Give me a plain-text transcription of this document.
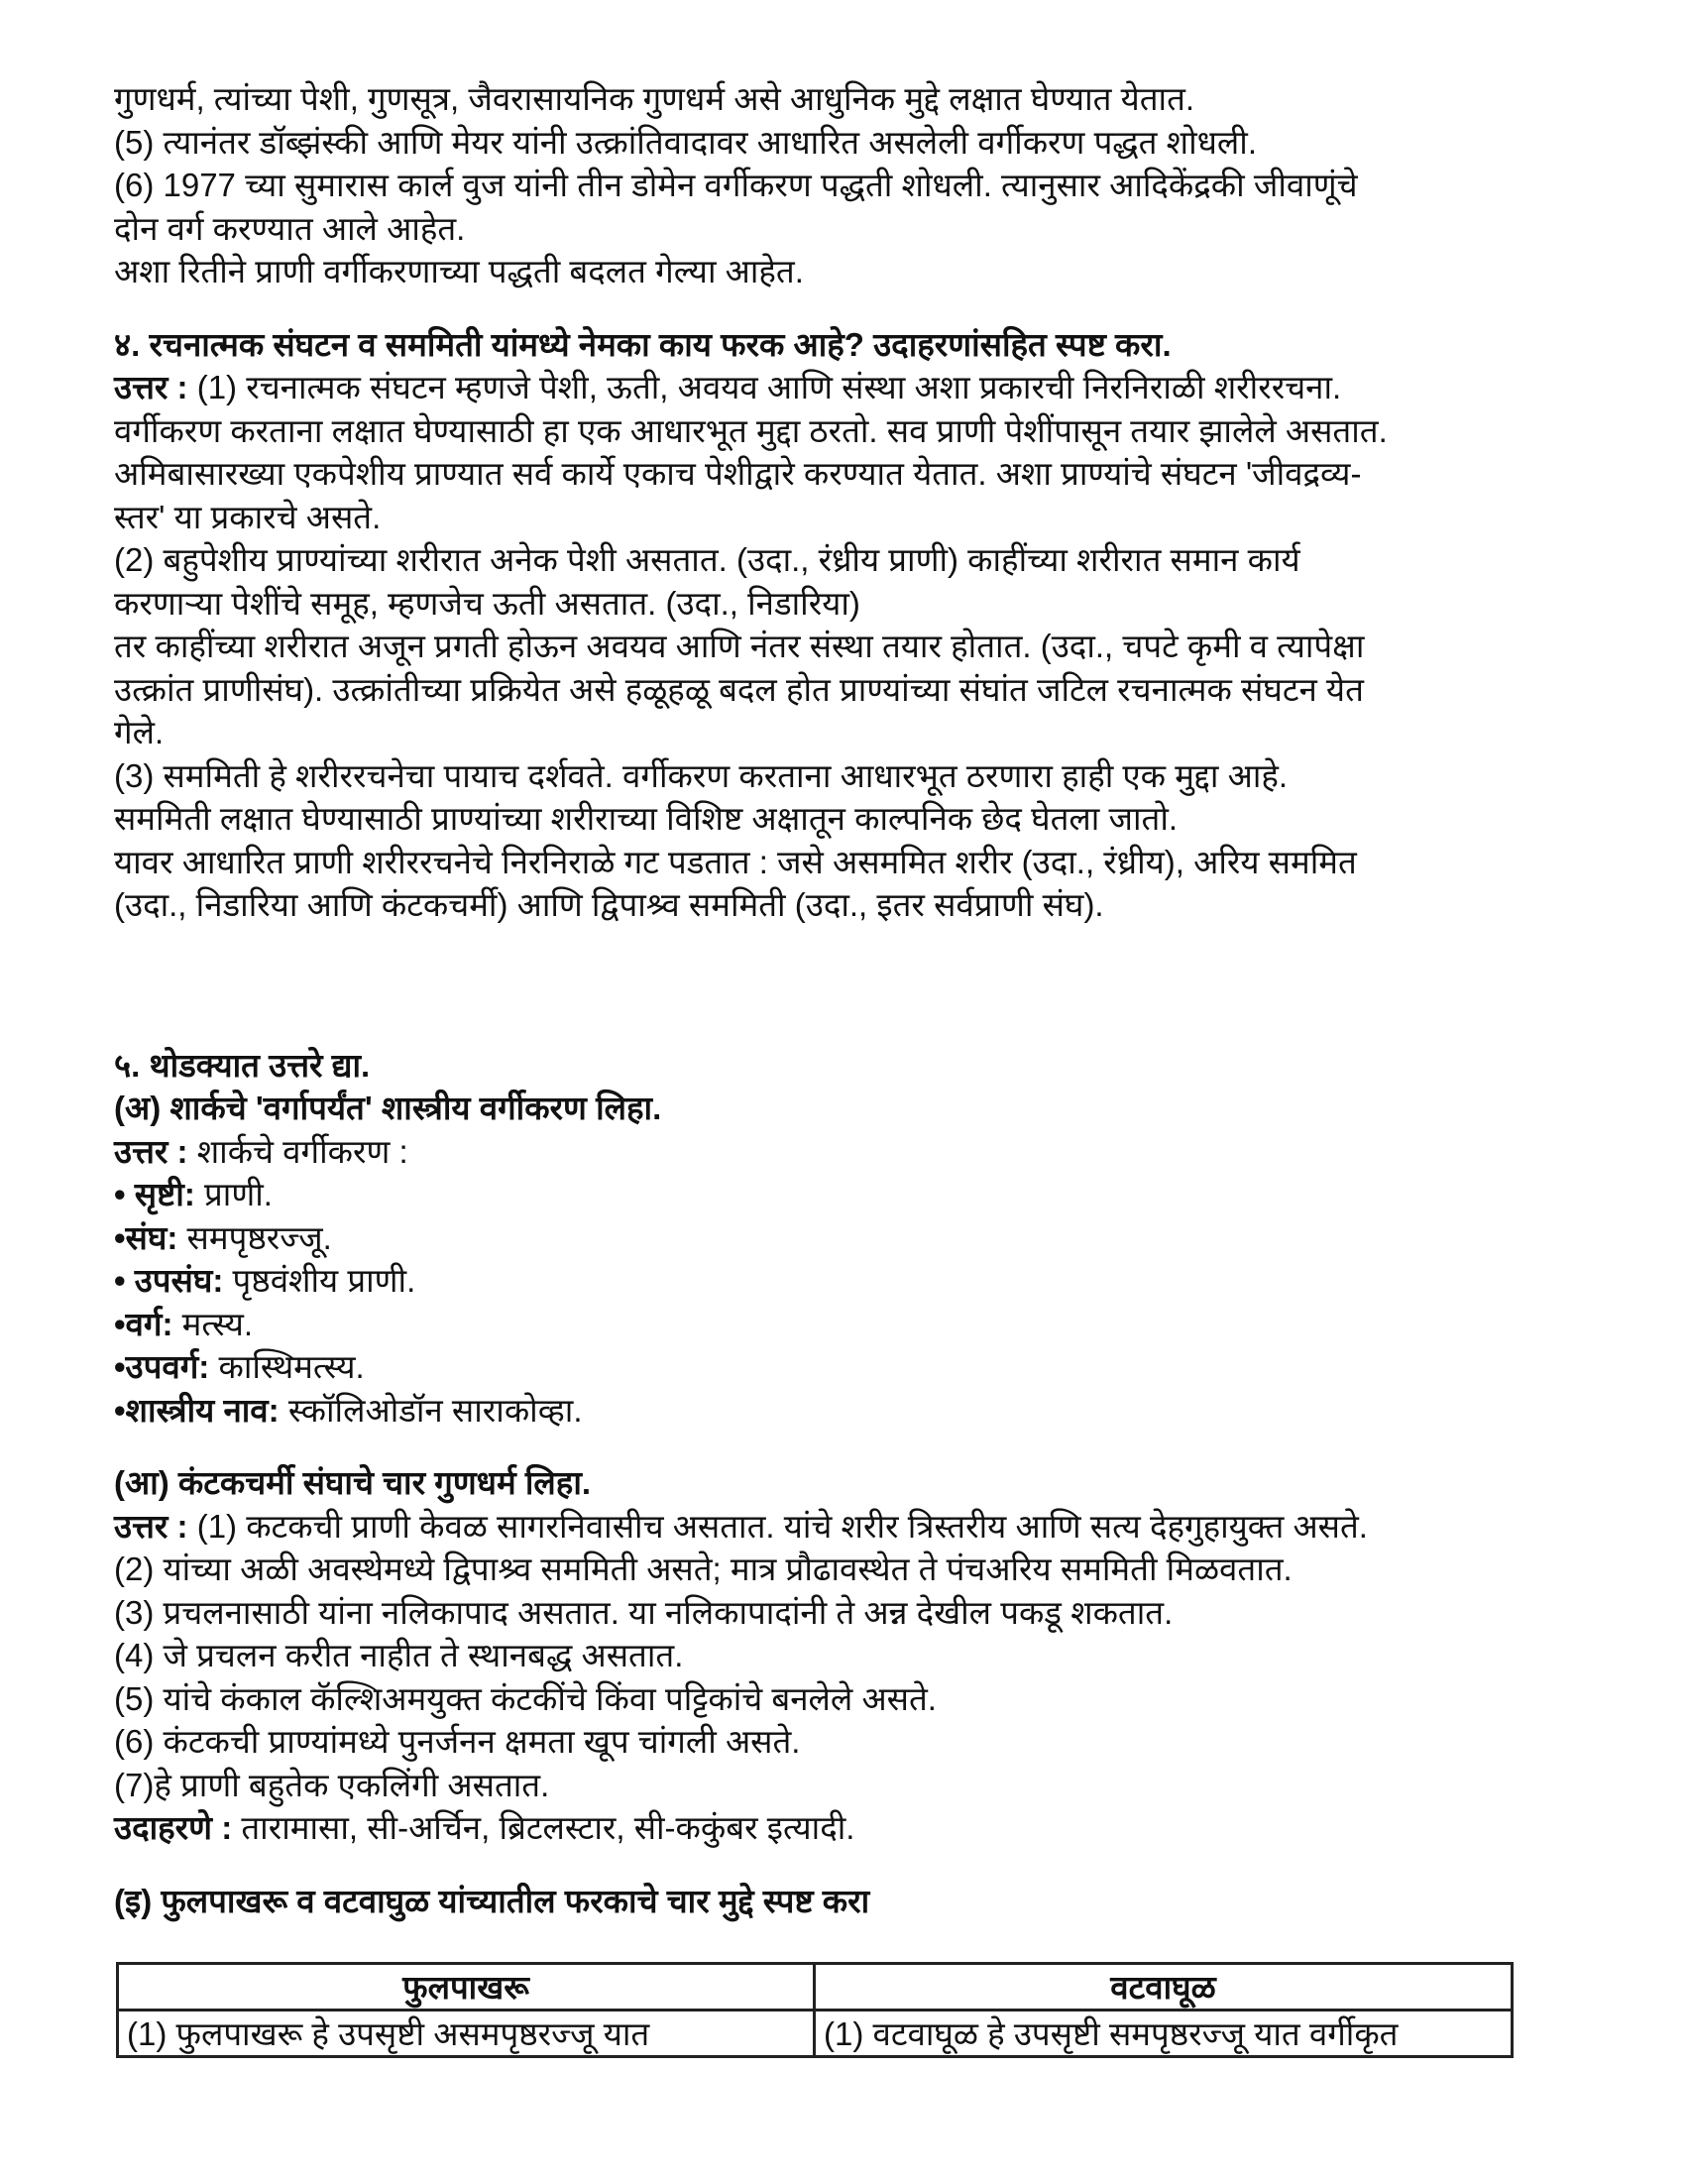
गुणधर्म, त्यांच्या पेशी, गुणसूत्र, जैवरासायनिक गुणधर्म असे आधुनिक मुद्दे लक्षात घेण्यात येतात.
(5) त्यानंतर डॉब्झंस्की आणि मेयर यांनी उत्क्रांतिवादावर आधारित असलेली वर्गीकरण पद्धत शोधली.
(6) 1977 च्या सुमारास कार्ल वुज यांनी तीन डोमेन वर्गीकरण पद्धती शोधली. त्यानुसार आदिकेंद्रकी जीवाणूंचे
दोन वर्ग करण्यात आले आहेत.
अशा रितीने प्राणी वर्गीकरणाच्या पद्धती बदलत गेल्या आहेत.
४. रचनात्मक संघटन व सममिती यांमध्ये नेमका काय फरक आहे? उदाहरणांसहित स्पष्ट करा.
उत्तर : (1) रचनात्मक संघटन म्हणजे पेशी, ऊती, अवयव आणि संस्था अशा प्रकारची निरनिराळी शरीररचना.
वर्गीकरण करताना लक्षात घेण्यासाठी हा एक आधारभूत मुद्दा ठरतो. सव प्राणी पेशींपासून तयार झालेले असतात.
अमिबासारख्या एकपेशीय प्राण्यात सर्व कार्ये एकाच पेशीद्वारे करण्यात येतात. अशा प्राण्यांचे संघटन 'जीवद्रव्य-
स्तर' या प्रकारचे असते.
(2) बहुपेशीय प्राण्यांच्या शरीरात अनेक पेशी असतात. (उदा., रंध्रीय प्राणी) काहींच्या शरीरात समान कार्य
करणाऱ्या पेशींचे समूह, म्हणजेच ऊती असतात. (उदा., निडारिया)
तर काहींच्या शरीरात अजून प्रगती होऊन अवयव आणि नंतर संस्था तयार होतात. (उदा., चपटे कृमी व त्यापेक्षा
उत्क्रांत प्राणीसंघ). उत्क्रांतीच्या प्रक्रियेत असे हळूहळू बदल होत प्राण्यांच्या संघांत जटिल रचनात्मक संघटन येत
गेले.
(3) सममिती हे शरीररचनेचा पायाच दर्शवते. वर्गीकरण करताना आधारभूत ठरणारा हाही एक मुद्दा आहे.
सममिती लक्षात घेण्यासाठी प्राण्यांच्या शरीराच्या विशिष्ट अक्षातून काल्पनिक छेद घेतला जातो.
यावर आधारित प्राणी शरीररचनेचे निरनिराळे गट पडतात : जसे असममित शरीर (उदा., रंध्रीय), अरिय सममित
(उदा., निडारिया आणि कंटकचर्मी) आणि द्विपाश्र्व सममिती (उदा., इतर सर्वप्राणी संघ).
५. थोडक्यात उत्तरे द्या.
(अ) शार्कचे 'वर्गापर्यंत' शास्त्रीय वर्गीकरण लिहा.
उत्तर : शार्कचे वर्गीकरण :
• सृष्टी: प्राणी.
•संघ: समपृष्ठरज्जू.
• उपसंघ: पृष्ठवंशीय प्राणी.
•वर्ग: मत्स्य.
•उपवर्ग: कास्थिमत्स्य.
•शास्त्रीय नाव: स्कॉलिओडॉन साराकोव्हा.
(आ) कंटकचर्मी संघाचे चार गुणधर्म लिहा.
उत्तर : (1) कटकची प्राणी केवळ सागरनिवासीच असतात. यांचे शरीर त्रिस्तरीय आणि सत्य देहगुहायुक्त असते.
(2) यांच्या अळी अवस्थेमध्ये द्विपाश्र्व सममिती असते; मात्र प्रौढावस्थेत ते पंचअरिय सममिती मिळवतात.
(3) प्रचलनासाठी यांना नलिकापाद असतात. या नलिकापादांनी ते अन्न देखील पकडू शकतात.
(4) जे प्रचलन करीत नाहीत ते स्थानबद्ध असतात.
(5) यांचे कंकाल कॅल्शिअमयुक्त कंटकींचे किंवा पट्टिकांचे बनलेले असते.
(6) कंटकची प्राण्यांमध्ये पुनर्जनन क्षमता खूप चांगली असते.
(7)हे प्राणी बहुतेक एकलिंगी असतात.
उदाहरणे : तारामासा, सी-अर्चिन, ब्रिटलस्टार, सी-ककुंबर इत्यादी.
(इ) फुलपाखरू व वटवाघुळ यांच्यातील फरकाचे चार मुद्दे स्पष्ट करा
फुलपाखरू	वटवाघूळ
(1) फुलपाखरू हे उपसृष्टी असमपृष्ठरज्जू यात	(1) वटवाघूळ हे उपसृष्टी समपृष्ठरज्जू यात वर्गीकृत
